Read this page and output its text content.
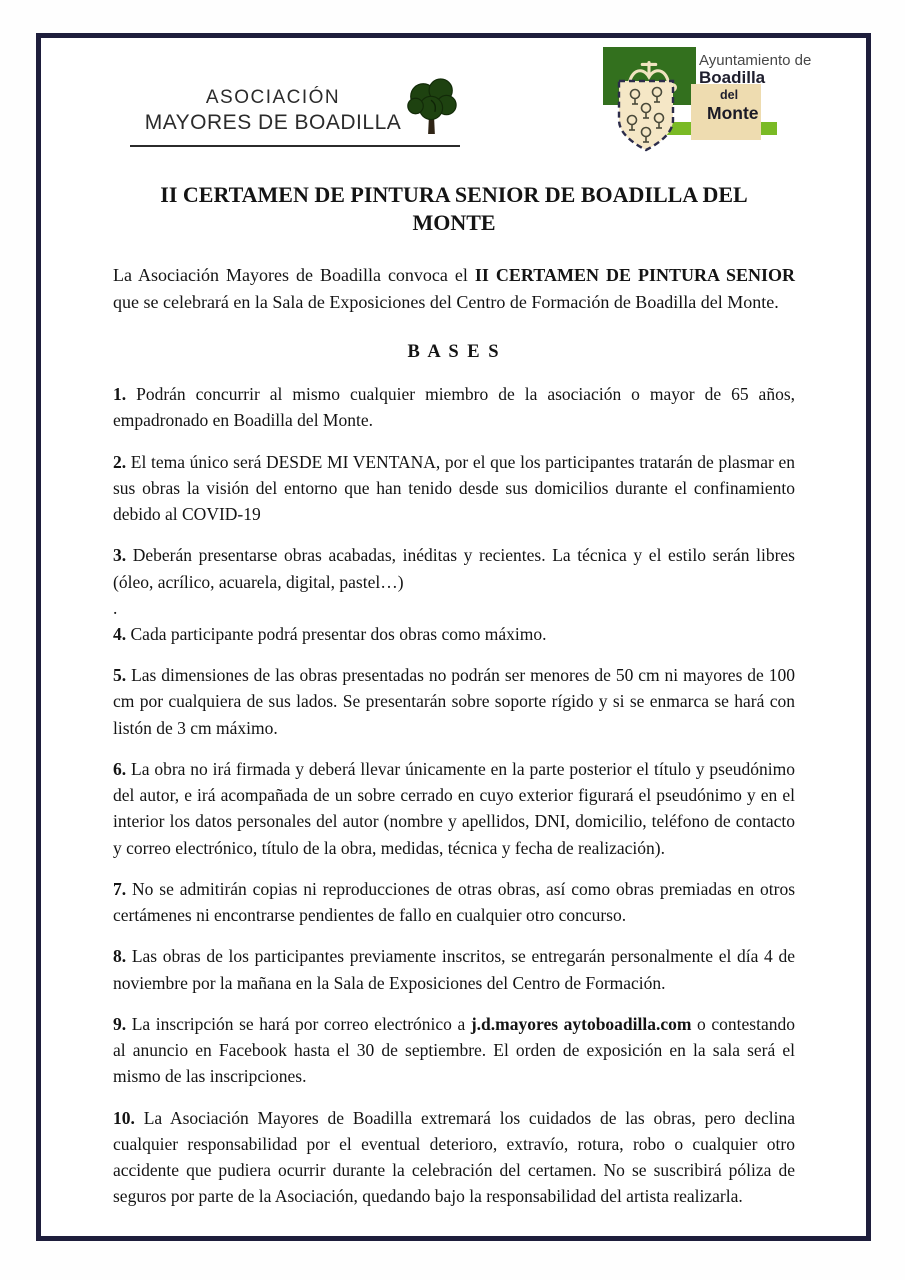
ASOCIACIÓN
MAYORES DE BOADILLA
Ayuntamiento de
Boadilla
del
Monte
II CERTAMEN DE PINTURA SENIOR DE BOADILLA DEL
MONTE

La Asociación Mayores de Boadilla convoca el II CERTAMEN DE PINTURA SENIOR que se celebrará en la Sala de Exposiciones del Centro de Formación de Boadilla del Monte.

B A S E S

1. Podrán concurrir al mismo cualquier miembro de la asociación o mayor de 65 años, empadronado en Boadilla del Monte.

2. El tema único será DESDE MI VENTANA, por el que los participantes tratarán de plasmar en sus obras la visión del entorno que han tenido desde sus domicilios durante el confinamiento debido al COVID-19

3. Deberán presentarse obras acabadas, inéditas y recientes. La técnica y el estilo serán libres (óleo, acrílico, acuarela, digital, pastel…)

.

4. Cada participante podrá presentar dos obras como máximo.

5. Las dimensiones de las obras presentadas no podrán ser menores de 50 cm ni mayores de 100 cm por cualquiera de sus lados. Se presentarán sobre soporte rígido y si se enmarca se hará con listón de 3 cm máximo.

6. La obra no irá firmada y deberá llevar únicamente en la parte posterior el título y pseudónimo del autor, e irá acompañada de un sobre cerrado en cuyo exterior figurará el pseudónimo y en el interior los datos personales del autor (nombre y apellidos, DNI, domicilio, teléfono de contacto y correo electrónico, título de la obra, medidas, técnica y fecha de realización).

7. No se admitirán copias ni reproducciones de otras obras, así como obras premiadas en otros certámenes ni encontrarse pendientes de fallo en cualquier otro concurso.

8. Las obras de los participantes previamente inscritos, se entregarán personalmente el día 4 de noviembre por la mañana en la Sala de Exposiciones del Centro de Formación.

9. La inscripción se hará por correo electrónico a j.d.mayores aytoboadilla.com o contestando al anuncio en Facebook hasta el 30 de septiembre. El orden de exposición en la sala será el mismo de las inscripciones.

10. La Asociación Mayores de Boadilla extremará los cuidados de las obras, pero declina cualquier responsabilidad por el eventual deterioro, extravío, rotura, robo o cualquier otro accidente que pudiera ocurrir durante la celebración del certamen. No se suscribirá póliza de seguros por parte de la Asociación, quedando bajo la responsabilidad del artista realizarla.
